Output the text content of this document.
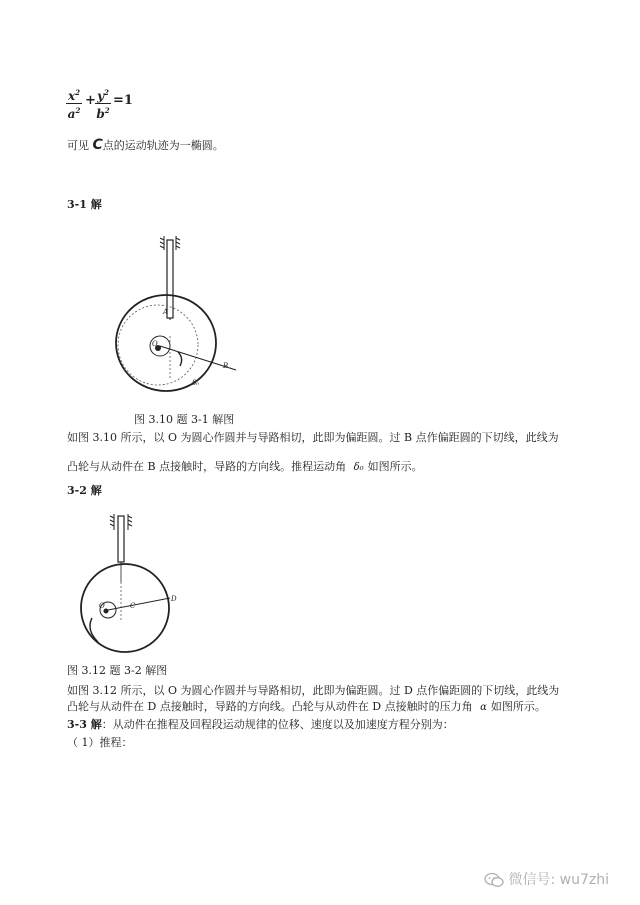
$\frac{x^2}{a^2} + \frac{y^2}{b^2} =1$
可见 C点的运动轨迹为一椭圆。
3-1 解
A
B
O
δ₀
图 3.10 题 3-1 解图
如图 3.10 所示，以 O 为圆心作圆并与导路相切，此即为偏距圆。过 B 点作偏距圆的下切线，此线为
凸轮与从动件在 B 点接触时，导路的方向线。推程运动角 δ₀ 如图所示。
3-2 解
D
O	C
图 3.12 题 3-2 解图
如图 3.12 所示，以 O 为圆心作圆并与导路相切，此即为偏距圆。过 D 点作偏距圆的下切线，此线为
凸轮与从动件在 D 点接触时，导路的方向线。凸轮与从动件在 D 点接触时的压力角 α 如图所示。
3-3 解：从动件在推程及回程段运动规律的位移、速度以及加速度方程分别为：
（ 1）推程：
微信号: wu7zhi
